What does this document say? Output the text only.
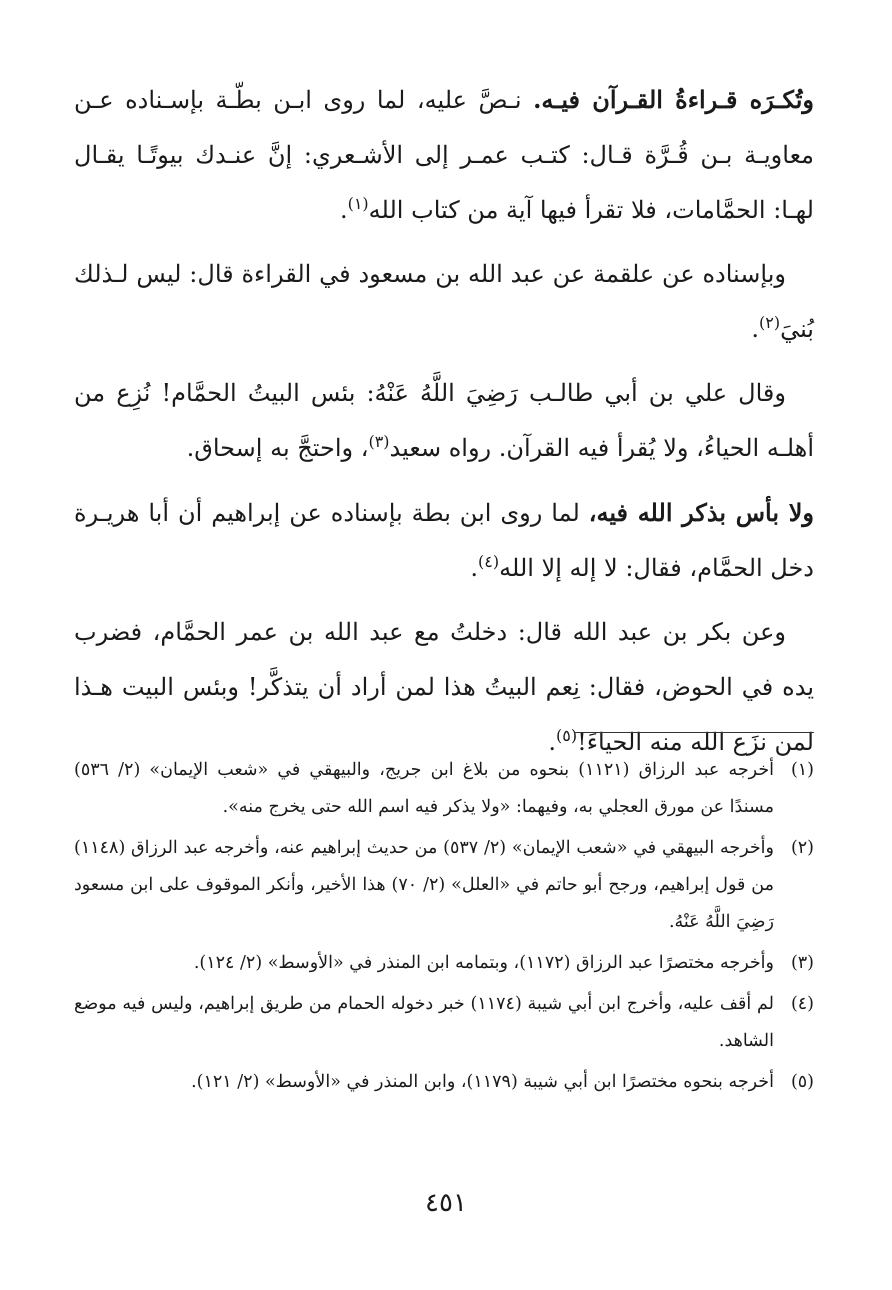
وتُكـرَه قـراءةُ القـرآن فيـه. نـصَّ عليه، لما روى ابـن بطّـة بإسـناده عـن معاويـة بـن قُـرَّة قـال: كتـب عمـر إلى الأشـعري: إنَّ عنـدك بيوتًـا يقـال لهـا: الحمَّامات، فلا تقرأ فيها آية من كتاب الله$^{(١)}$.

وبإسناده عن علقمة عن عبد الله بن مسعود في القراءة قال: ليس لـذلك بُنيَ$^{(٢)}$.

وقال علي بن أبي طالـب رَضِيَ اللَّهُ عَنْهُ: بئس البيتُ الحمَّام! نُزِع من أهلـه الحياءُ، ولا يُقرأ فيه القرآن. رواه سعيد$^{(٣)}$، واحتجَّ به إسحاق.

ولا بأس بذكر الله فيه، لما روى ابن بطة بإسناده عن إبراهيم أن أبا هريـرة دخل الحمَّام، فقال: لا إله إلا الله$^{(٤)}$.

وعن بكر بن عبد الله قال: دخلتُ مع عبد الله بن عمر الحمَّام، فضرب يده في الحوض، فقال: نِعم البيتُ هذا لمن أراد أن يتذكَّر! وبئس البيت هـذا لمن نزَع الله منه الحياءَ!$^{(٥)}$.

(١)
أخرجه عبد الرزاق (١١٢١) بنحوه من بلاغ ابن جريج، والبيهقي في «شعب الإيمان» (٢/ ٥٣٦) مسندًا عن مورق العجلي به، وفيهما: «ولا يذكر فيه اسم الله حتى يخرج منه».
(٢)
وأخرجه البيهقي في «شعب الإيمان» (٢/ ٥٣٧) من حديث إبراهيم عنه، وأخرجه عبد الرزاق (١١٤٨) من قول إبراهيم، ورجح أبو حاتم في «العلل» (٢/ ٧٠) هذا الأخير، وأنكر الموقوف على ابن مسعود رَضِيَ اللَّهُ عَنْهُ.
(٣)
وأخرجه مختصرًا عبد الرزاق (١١٧٢)، وبتمامه ابن المنذر في «الأوسط» (٢/ ١٢٤).
(٤)
لم أقف عليه، وأخرج ابن أبي شيبة (١١٧٤) خبر دخوله الحمام من طريق إبراهيم، وليس فيه موضع الشاهد.
(٥)
أخرجه بنحوه مختصرًا ابن أبي شيبة (١١٧٩)، وابن المنذر في «الأوسط» (٢/ ١٢١).
٤٥١
